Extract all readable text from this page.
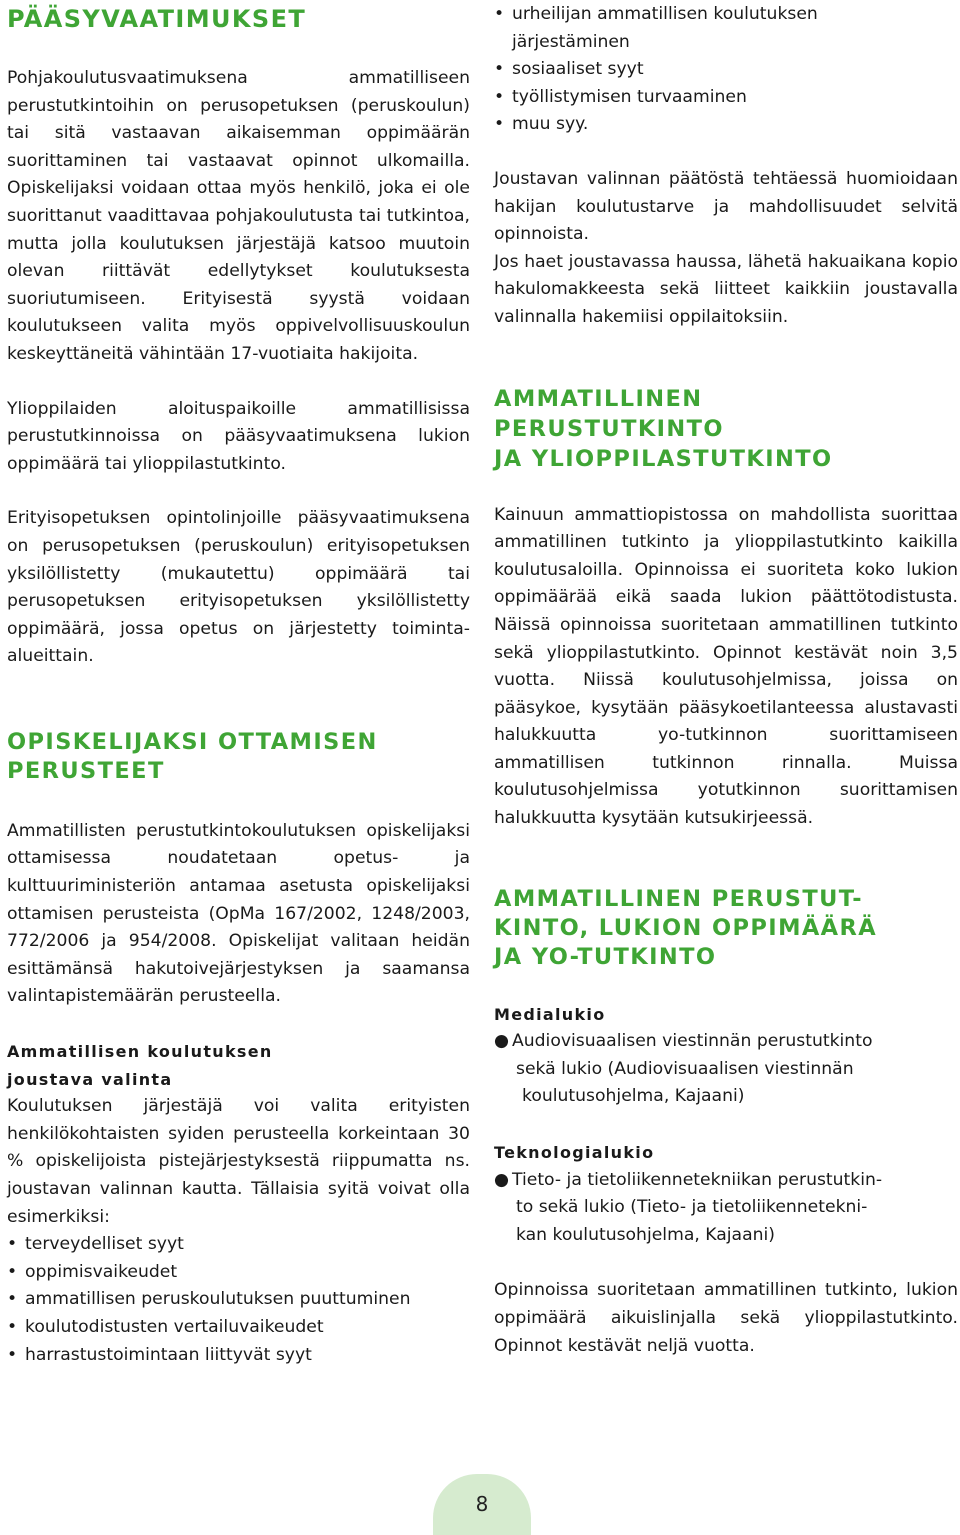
PÄÄSYVAATIMUKSET

Pohjakoulutusvaatimuksena ammatilliseen perustutkintoihin on perusopetuksen (peruskoulun) tai sitä vastaavan aikaisemman oppimäärän suorittaminen tai vastaavat opinnot ulkomailla. Opiskelijaksi voidaan ottaa myös henkilö, joka ei ole suorittanut vaadittavaa pohjakoulutusta tai tutkintoa, mutta jolla koulutuksen järjestäjä katsoo muutoin olevan riittävät edellytykset koulutuksesta suoriutumiseen. Erityisestä syystä voidaan koulutukseen valita myös oppivelvollisuuskoulun keskeyttäneitä vähintään 17-vuotiaita hakijoita.

Ylioppilaiden aloituspaikoille ammatillisissa perustutkinnoissa on pääsyvaatimuksena lukion oppimäärä tai ylioppilastutkinto.

Erityisopetuksen opintolinjoille pääsyvaatimuksena on perusopetuksen (peruskoulun) erityisopetuksen yksilöllistetty (mukautettu) oppimäärä tai perusopetuksen erityisopetuksen yksilöllistetty oppimäärä, jossa opetus on järjestetty toiminta-alueittain.

OPISKELIJAKSI OTTAMISEN
PERUSTEET

Ammatillisten perustutkintokoulutuksen opiskelijaksi ottamisessa noudatetaan opetus- ja kulttuuriministeriön antamaa asetusta opiskelijaksi ottamisen perusteista (OpMa 167/2002, 1248/2003, 772/2006 ja 954/2008. Opiskelijat valitaan heidän esittämänsä hakutoivejärjestyksen ja saamansa valintapistemäärän perusteella.

Ammatillisen koulutuksen
joustava valinta

Koulutuksen järjestäjä voi valita erityisten henkilökohtaisten syiden perusteella korkeintaan 30 % opiskelijoista pistejärjestyksestä riippumatta ns. joustavan valinnan kautta. Tällaisia syitä voivat olla esimerkiksi:

• terveydelliset syyt
• oppimisvaikeudet
• ammatillisen peruskoulutuksen puuttuminen
• koulutodistusten vertailuvaikeudet
• harrastustoimintaan liittyvät syyt
• urheilijan ammatillisen koulutuksen järjestäminen
• sosiaaliset syyt
• työllistymisen turvaaminen
• muu syy.

Joustavan valinnan päätöstä tehtäessä huomioidaan hakijan koulutustarve ja mahdollisuudet selvitä opinnoista.

Jos haet joustavassa haussa, lähetä hakuaikana kopio hakulomakkeesta sekä liitteet kaikkiin joustavalla valinnalla hakemiisi oppilaitoksiin.

AMMATILLINEN
PERUSTUTKINTO
JA YLIOPPILASTUTKINTO

Kainuun ammattiopistossa on mahdollista suorittaa ammatillinen tutkinto ja ylioppilastutkinto kaikilla koulutusaloilla. Opinnoissa ei suoriteta koko lukion oppimäärää eikä saada lukion päättötodistusta. Näissä opinnoissa suoritetaan ammatillinen tutkinto sekä ylioppilastutkinto. Opinnot kestävät noin 3,5 vuotta. Niissä koulutusohjelmissa, joissa on pääsykoe, kysytään pääsykoetilanteessa alustavasti halukkuutta yo-tutkinnon suorittamiseen ammatillisen tutkinnon rinnalla. Muissa koulutusohjelmissa yotutkinnon suorittamisen halukkuutta kysytään kutsukirjeessä.

AMMATILLINEN PERUSTUT-
KINTO, LUKION OPPIMÄÄRÄ
JA YO-TUTKINTO
Medialukio
● Audiovisuaalisen viestinnän perustutkinto

sekä lukio (Audiovisuaalisen viestinnän
koulutusohjelma, Kajaani)
Teknologialukio
● Tieto- ja tietoliikennetekniikan perustutkin-

to sekä lukio (Tieto- ja tietoliikennetekni-
kan koulutusohjelma, Kajaani)

Opinnoissa suoritetaan ammatillinen tutkinto, lukion oppimäärä aikuislinjalla sekä ylioppilastutkinto. Opinnot kestävät neljä vuotta.

8
